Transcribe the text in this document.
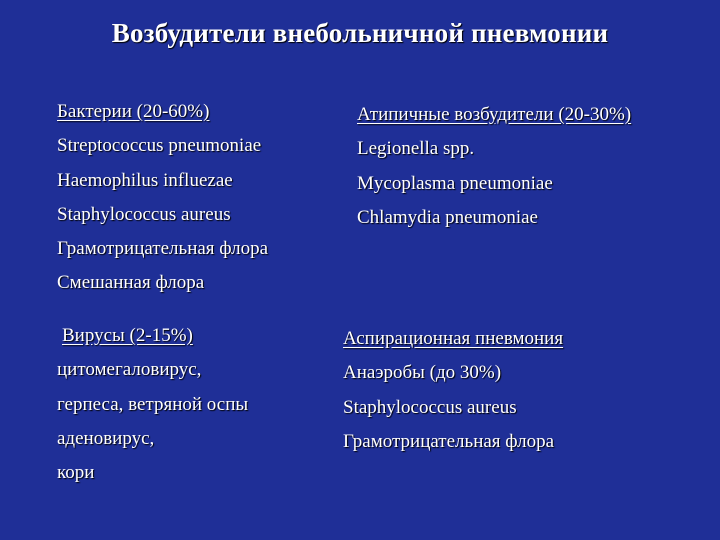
Возбудители внебольничной пневмонии
Бактерии (20-60%)
Streptococcus pneumoniae
Haemophilus influezae
Staphylococcus aureus
Грамотрицательная флора
Смешанная флора
Атипичные возбудители (20-30%)
Legionella spp.
Mycoplasma pneumoniae
Chlamydia pneumoniae
Вирусы (2-15%)
цитомегаловирус,
герпеса, ветряной оспы
аденовирус,
кори
Аспирационная пневмония
Анаэробы (до 30%)
Staphylococcus aureus
Грамотрицательная флора
